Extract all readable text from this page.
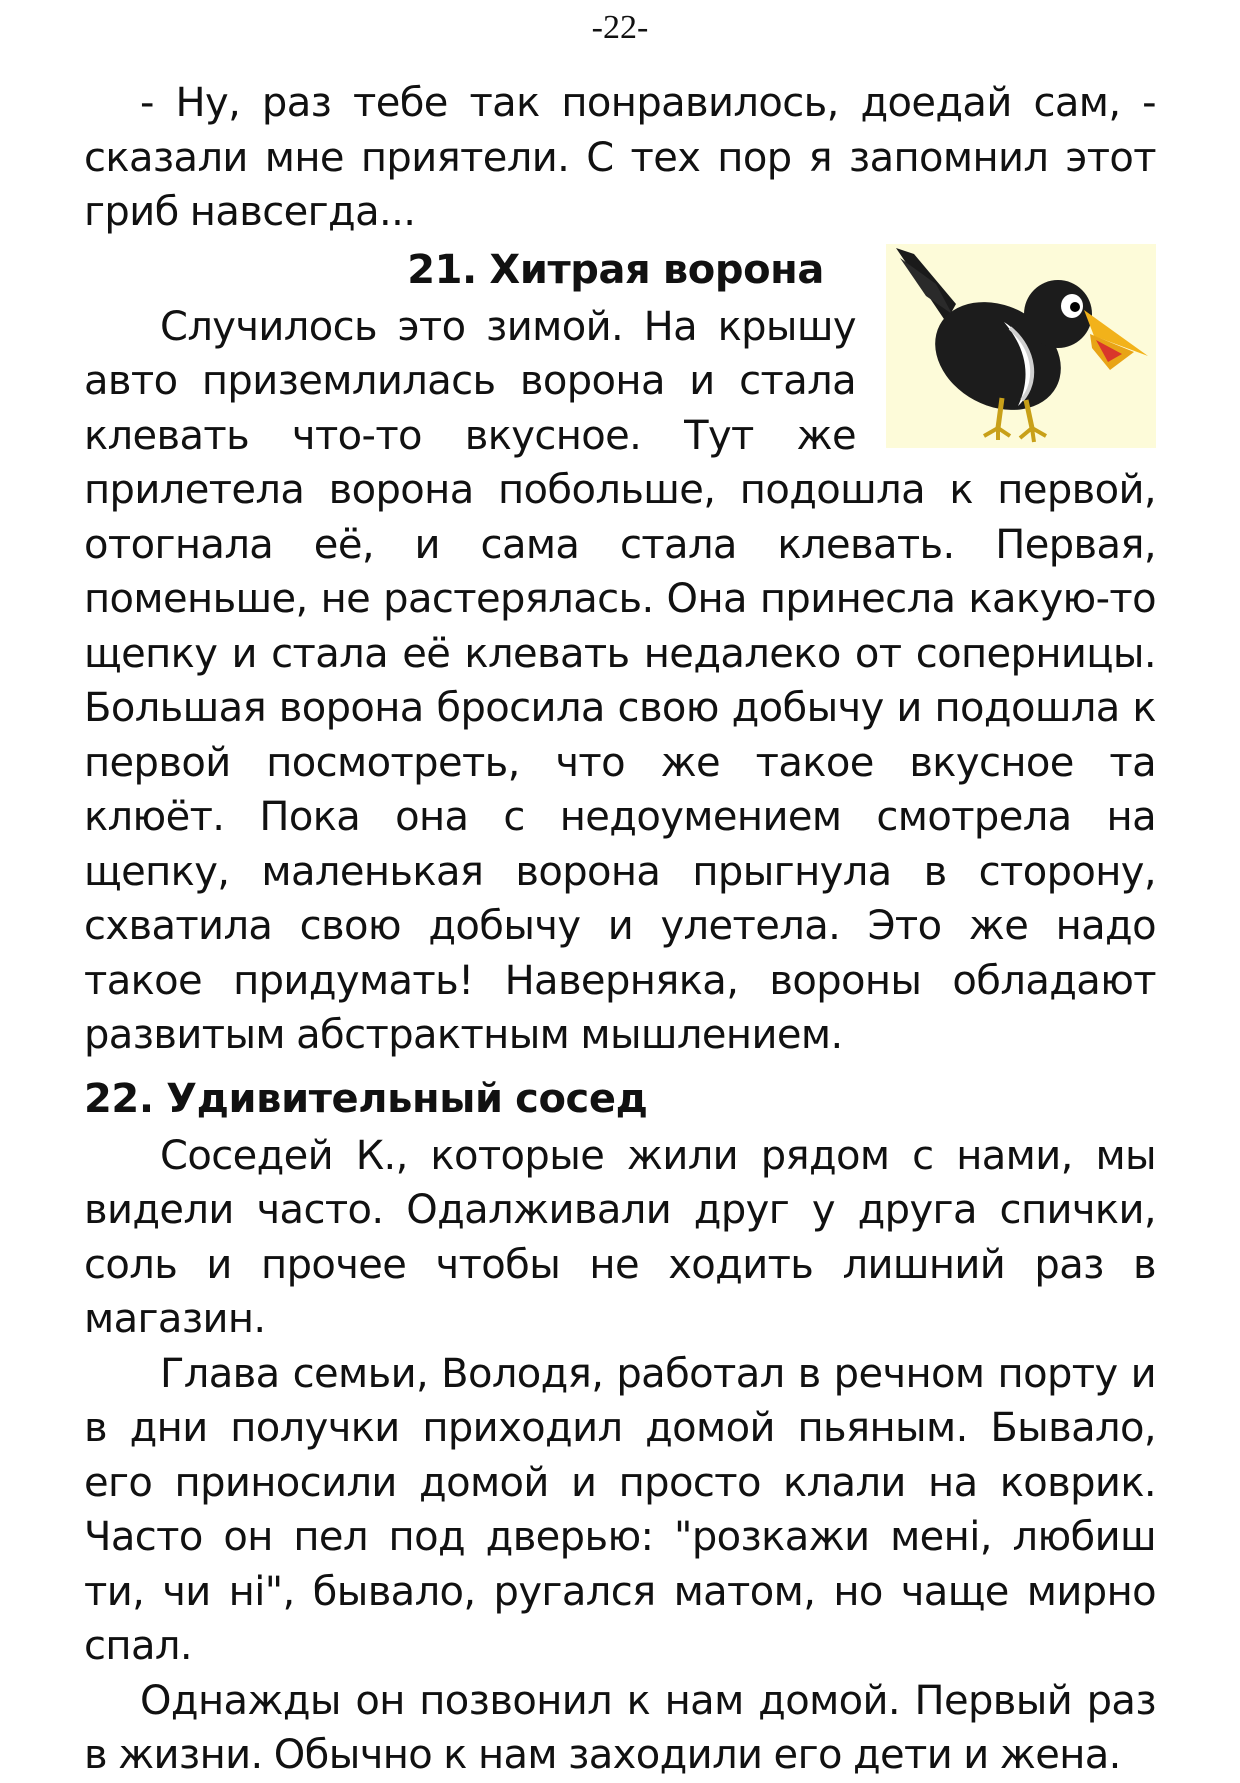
-22-

- Ну, раз тебе так понравилось, доедай сам, - сказали мне приятели. С тех пор я запомнил этот гриб навсегда...

21. Хитрая ворона

Случилось это зимой. На крышу авто приземлилась ворона и стала клевать что-то вкусное. Тут же прилетела ворона побольше, подошла к первой, отогнала её, и сама стала клевать. Первая, поменьше, не растерялась. Она принесла какую-то щепку и стала её клевать недалеко от соперницы. Большая ворона бросила свою добычу и подошла к первой посмотреть, что же такое вкусное та клюёт. Пока она с недоумением смотрела на щепку, маленькая ворона прыгнула в сторону, схватила свою добычу и улетела. Это же надо такое придумать! Наверняка, вороны обладают развитым абстрактным мышлением.

22. Удивительный сосед

Соседей К., которые жили рядом с нами, мы видели часто. Одалживали друг у друга спички, соль и прочее чтобы не ходить лишний раз в магазин.

Глава семьи, Володя, работал в речном порту и в дни получки приходил домой пьяным. Бывало, его приносили домой и просто клали на коврик. Часто он пел под дверью: "розкажи мені, любиш ти, чи ні", бывало, ругался матом, но чаще мирно спал.

Однажды он позвонил к нам домой. Первый раз в жизни. Обычно к нам заходили его дети и жена.
